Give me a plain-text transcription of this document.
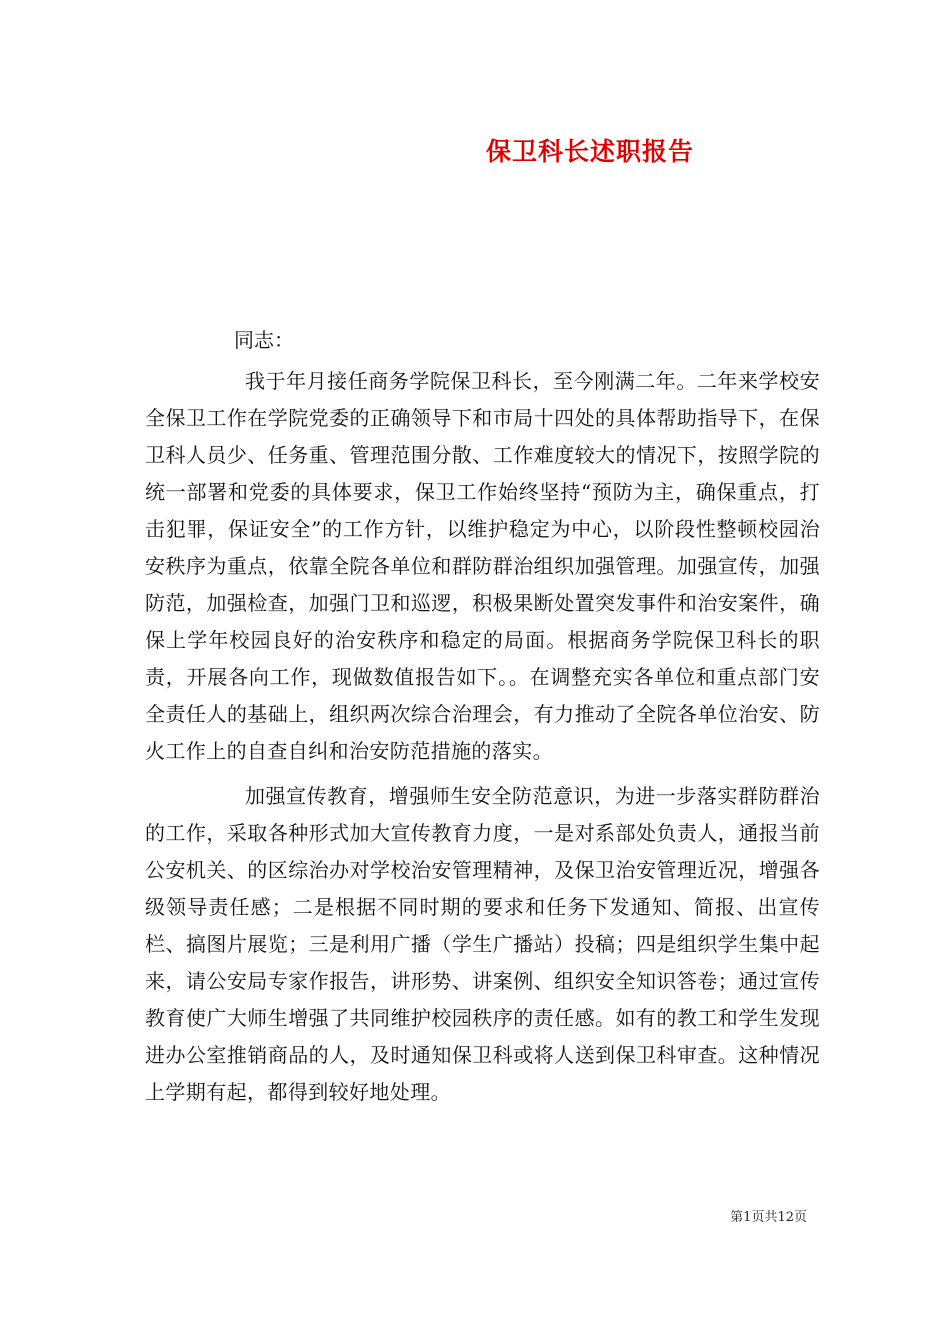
保卫科长述职报告
同志：

我于年月接任商务学院保卫科长，至今刚满二年。二年来学校安全保卫工作在学院党委的正确领导下和市局十四处的具体帮助指导下，在保卫科人员少、任务重、管理范围分散、工作难度较大的情况下，按照学院的统一部署和党委的具体要求，保卫工作始终坚持“预防为主，确保重点，打击犯罪，保证安全”的工作方针，以维护稳定为中心，以阶段性整顿校园治安秩序为重点，依靠全院各单位和群防群治组织加强管理。加强宣传，加强防范，加强检查，加强门卫和巡逻，积极果断处置突发事件和治安案件，确保上学年校园良好的治安秩序和稳定的局面。根据商务学院保卫科长的职责，开展各向工作，现做数值报告如下。。在调整充实各单位和重点部门安全责任人的基础上，组织两次综合治理会，有力推动了全院各单位治安、防火工作上的自查自纠和治安防范措施的落实。

加强宣传教育，增强师生安全防范意识，为进一步落实群防群治的工作，采取各种形式加大宣传教育力度，一是对系部处负责人，通报当前公安机关、的区综治办对学校治安管理精神，及保卫治安管理近况，增强各级领导责任感；二是根据不同时期的要求和任务下发通知、简报、出宣传栏、搞图片展览；三是利用广播（学生广播站）投稿；四是组织学生集中起来，请公安局专家作报告，讲形势、讲案例、组织安全知识答卷；通过宣传教育使广大师生增强了共同维护校园秩序的责任感。如有的教工和学生发现进办公室推销商品的人，及时通知保卫科或将人送到保卫科审查。这种情况上学期有起，都得到较好地处理。

第1页共12页
